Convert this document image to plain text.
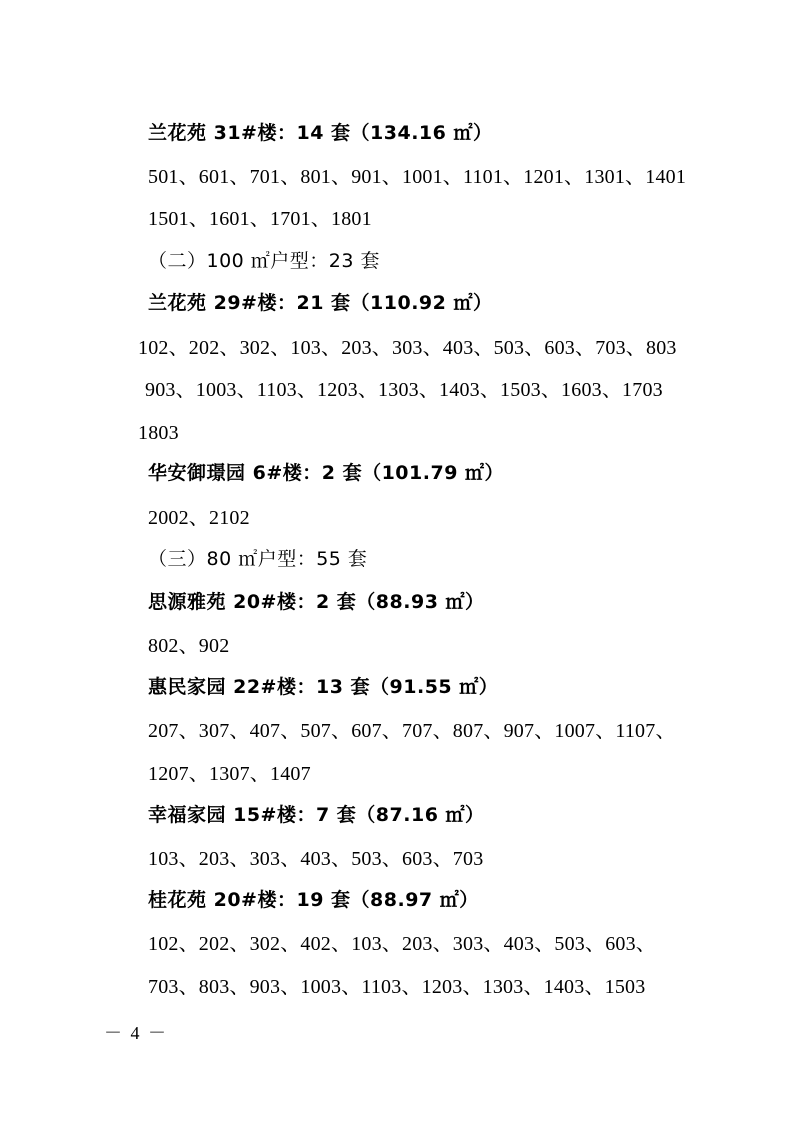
兰花苑 31#楼：14 套（134.16 ㎡）
501、601、701、801、901、1001、1101、1201、1301、1401
1501、1601、1701、1801
（二）100 ㎡户型：23 套
兰花苑 29#楼：21 套（110.92 ㎡）
102、202、302、103、203、303、403、503、603、703、803
903、1003、1103、1203、1303、1403、1503、1603、1703
1803
华安御璟园 6#楼：2 套（101.79 ㎡）
2002、2102
（三）80 ㎡户型：55 套
思源雅苑 20#楼：2 套（88.93 ㎡）
802、902
惠民家园 22#楼：13 套（91.55 ㎡）
207、307、407、507、607、707、807、907、1007、1107、
1207、1307、1407
幸福家园 15#楼：7 套（87.16 ㎡）
103、203、303、403、503、603、703
桂花苑 20#楼：19 套（88.97 ㎡）
102、202、302、402、103、203、303、403、503、603、
703、803、903、1003、1103、1203、1303、1403、1503
－ 4 －
